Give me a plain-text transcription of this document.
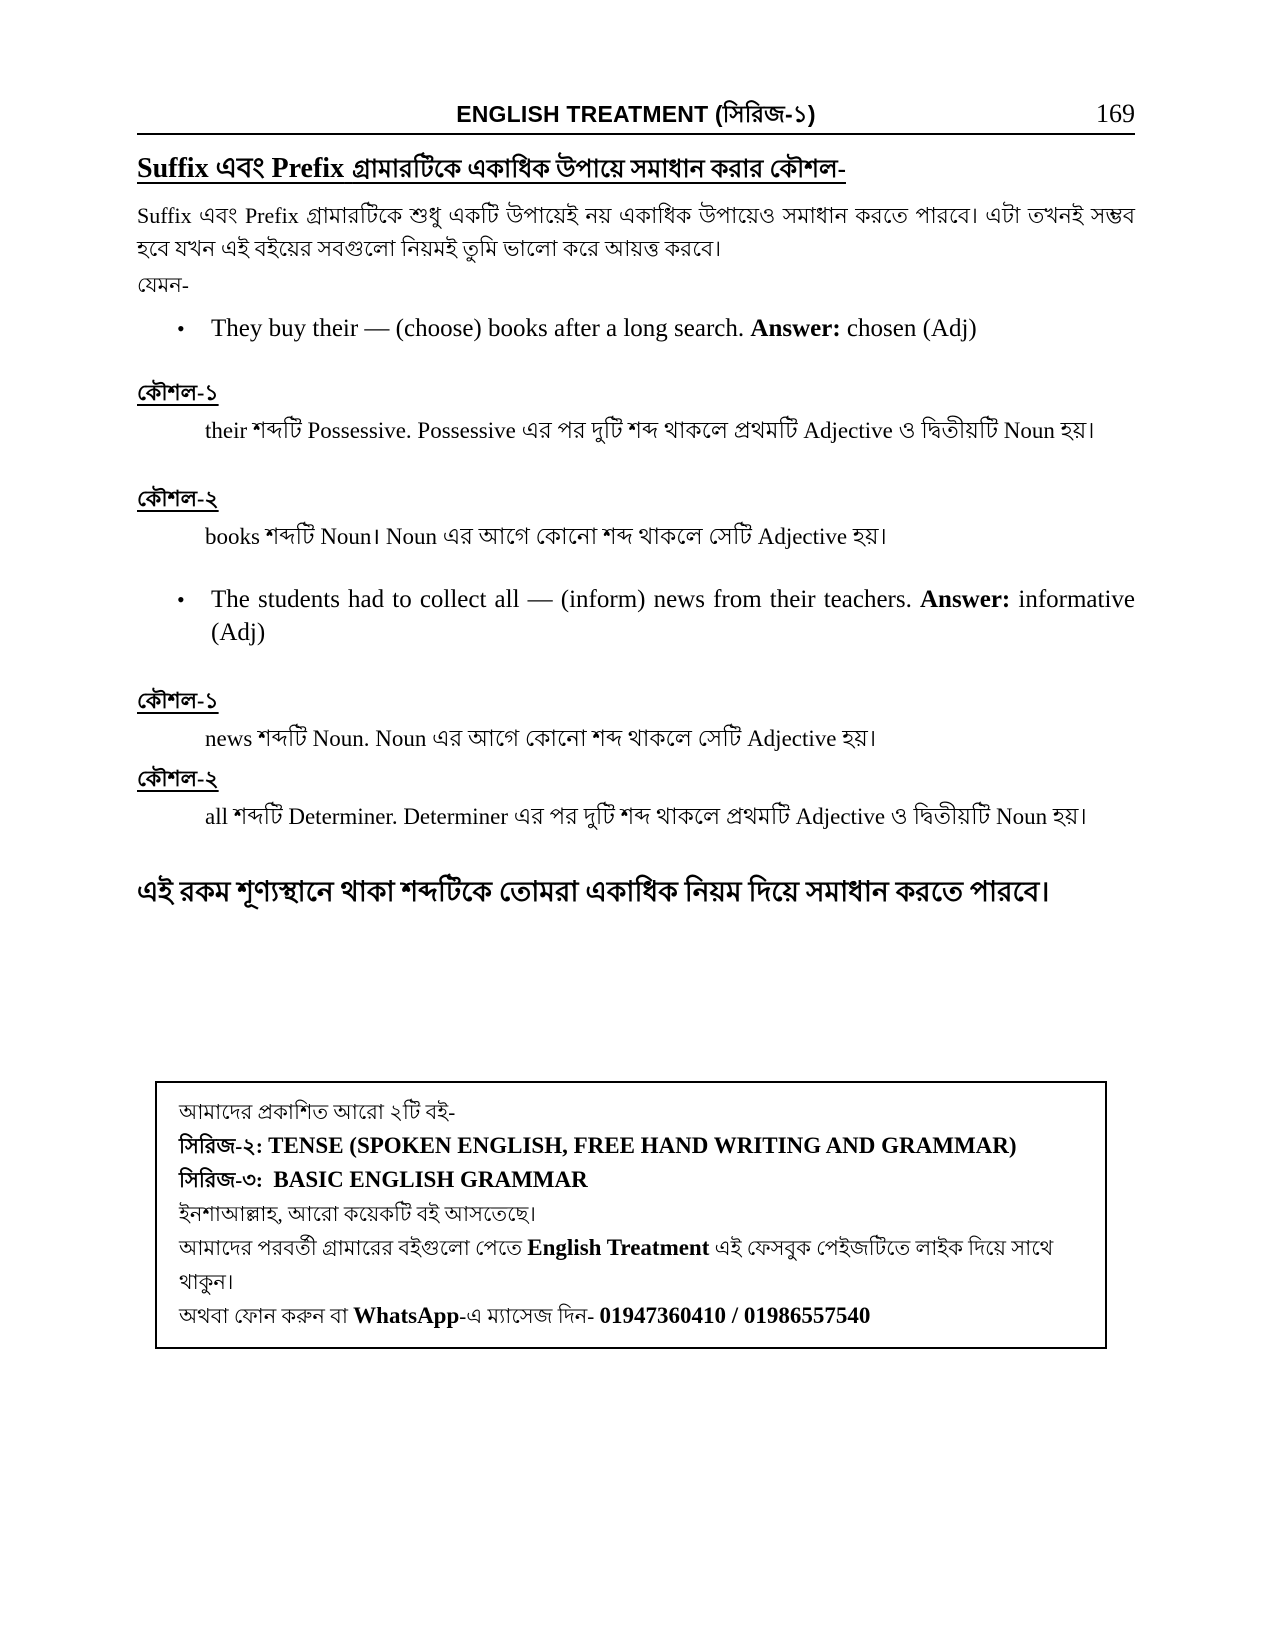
ENGLISH TREATMENT (সিরিজ-১)	169
Suffix এবং Prefix গ্রামারটিকে একাধিক উপায়ে সমাধান করার কৌশল-

Suffix এবং Prefix গ্রামারটিকে শুধু একটি উপায়েই নয় একাধিক উপায়েও সমাধান করতে পারবে। এটা তখনই সম্ভব হবে যখন এই বইয়ের সবগুলো নিয়মই তুমি ভালো করে আয়ত্ত করবে।

যেমন-

•	They buy their — (choose) books after a long search. Answer: chosen (Adj)
কৌশল-১

their শব্দটি Possessive. Possessive এর পর দুটি শব্দ থাকলে প্রথমটি Adjective ও দ্বিতীয়টি Noun হয়।

কৌশল-২

books শব্দটি Noun। Noun এর আগে কোনো শব্দ থাকলে সেটি Adjective হয়।

•	The students had to collect all — (inform) news from their teachers. Answer: informative (Adj)
কৌশল-১

news শব্দটি Noun. Noun এর আগে কোনো শব্দ থাকলে সেটি Adjective হয়।

কৌশল-২

all শব্দটি Determiner. Determiner এর পর দুটি শব্দ থাকলে প্রথমটি Adjective ও দ্বিতীয়টি Noun হয়।

এই রকম শূণ্যস্থানে থাকা শব্দটিকে তোমরা একাধিক নিয়ম দিয়ে সমাধান করতে পারবে।

আমাদের প্রকাশিত আরো ২টি বই-
সিরিজ-২: TENSE (SPOKEN ENGLISH, FREE HAND WRITING AND GRAMMAR)
সিরিজ-৩: BASIC ENGLISH GRAMMAR
ইনশাআল্লাহ, আরো কয়েকটি বই আসতেছে।
আমাদের পরবর্তী গ্রামারের বইগুলো পেতে English Treatment এই ফেসবুক পেইজটিতে লাইক দিয়ে সাথে থাকুন।
অথবা ফোন করুন বা WhatsApp-এ ম্যাসেজ দিন- 01947360410 / 01986557540
